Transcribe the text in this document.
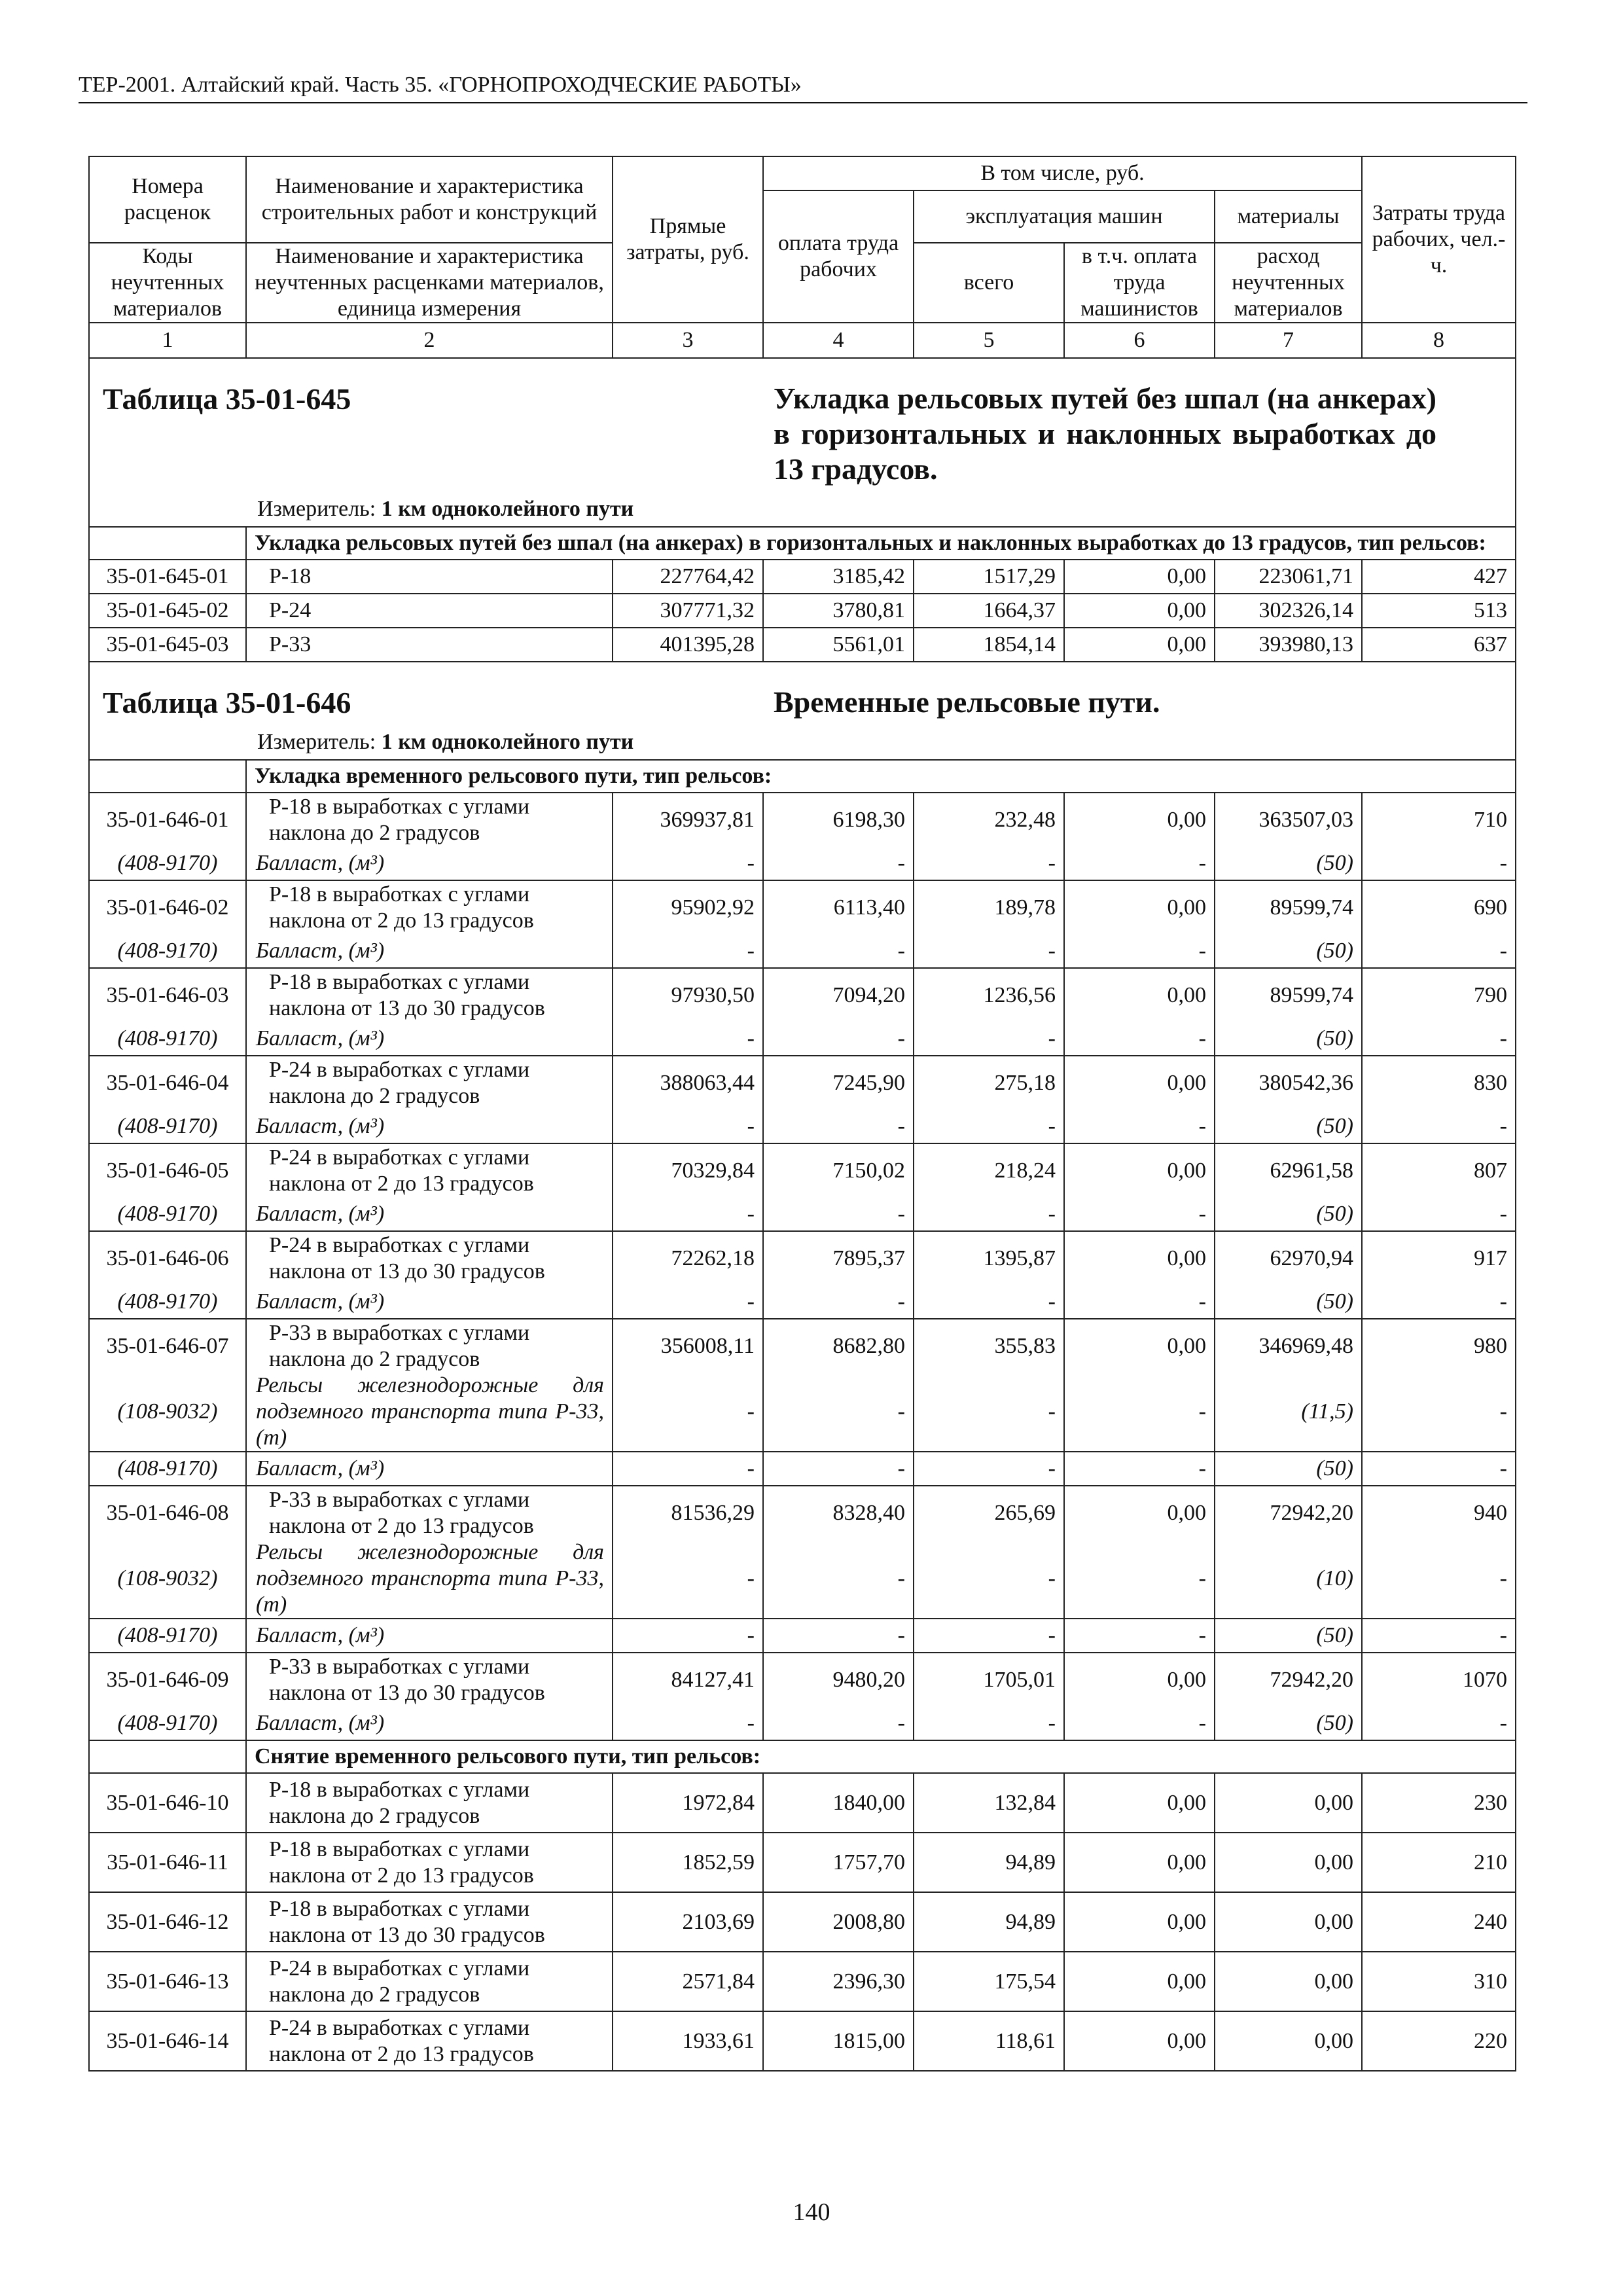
ТЕР-2001. Алтайский край. Часть 35. «ГОРНОПРОХОДЧЕСКИЕ РАБОТЫ»
Номера расценок	Наименование и характеристика строительных работ и конструкций	Прямые затраты, руб.	В том числе, руб.				Затраты труда рабочих, чел.-ч.
			оплата труда рабочих	эксплуатация машин		материалы	
Коды неучтенных материалов	Наименование и характеристика неучтенных расценками материалов, единица измерения			всего	в т.ч. оплата труда машинистов	расход неучтенных материалов	
1	2	3	4	5	6	7	8

Таблица 35-01-645
Измеритель: 1 км одноколейного пути			Укладка рельсовых путей без шпал (на анкерах) в горизонтальных и наклонных выработках до 13 градусов.				

	Укладка рельсовых путей без шпал (на анкерах) в горизонтальных и наклонных выработках до 13 градусов, тип рельсов:						
35-01-645-01	Р-18	227764,42	3185,42	1517,29	0,00	223061,71	427
35-01-645-02	Р-24	307771,32	3780,81	1664,37	0,00	302326,14	513
35-01-645-03	Р-33	401395,28	5561,01	1854,14	0,00	393980,13	637

Таблица 35-01-646
Измеритель: 1 км одноколейного пути			Временные рельсовые пути.				

	Укладка временного рельсового пути, тип рельсов:						
35-01-646-01	Р-18 в выработках с углами наклона до 2 градусов	369937,81	6198,30	232,48	0,00	363507,03	710
(408-9170)	Балласт, (м³)	-	-	-	-	(50)	-
35-01-646-02	Р-18 в выработках с углами наклона от 2 до 13 градусов	95902,92	6113,40	189,78	0,00	89599,74	690
(408-9170)	Балласт, (м³)	-	-	-	-	(50)	-
35-01-646-03	Р-18 в выработках с углами наклона от 13 до 30 градусов	97930,50	7094,20	1236,56	0,00	89599,74	790
(408-9170)	Балласт, (м³)	-	-	-	-	(50)	-
35-01-646-04	Р-24 в выработках с углами наклона до 2 градусов	388063,44	7245,90	275,18	0,00	380542,36	830
(408-9170)	Балласт, (м³)	-	-	-	-	(50)	-
35-01-646-05	Р-24 в выработках с углами наклона от 2 до 13 градусов	70329,84	7150,02	218,24	0,00	62961,58	807
(408-9170)	Балласт, (м³)	-	-	-	-	(50)	-
35-01-646-06	Р-24 в выработках с углами наклона от 13 до 30 градусов	72262,18	7895,37	1395,87	0,00	62970,94	917
(408-9170)	Балласт, (м³)	-	-	-	-	(50)	-
35-01-646-07	Р-33 в выработках с углами наклона до 2 градусов	356008,11	8682,80	355,83	0,00	346969,48	980
(108-9032)	Рельсы железнодорожные для подземного транспорта типа Р-33, (т)	-	-	-	-	(11,5)	-
(408-9170)	Балласт, (м³)	-	-	-	-	(50)	-
35-01-646-08	Р-33 в выработках с углами наклона от 2 до 13 градусов	81536,29	8328,40	265,69	0,00	72942,20	940
(108-9032)	Рельсы железнодорожные для подземного транспорта типа Р-33, (т)	-	-	-	-	(10)	-
(408-9170)	Балласт, (м³)	-	-	-	-	(50)	-
35-01-646-09	Р-33 в выработках с углами наклона от 13 до 30 градусов	84127,41	9480,20	1705,01	0,00	72942,20	1070
(408-9170)	Балласт, (м³)	-	-	-	-	(50)	-
	Снятие временного рельсового пути, тип рельсов:						
35-01-646-10	Р-18 в выработках с углами наклона до 2 градусов	1972,84	1840,00	132,84	0,00	0,00	230
35-01-646-11	Р-18 в выработках с углами наклона от 2 до 13 градусов	1852,59	1757,70	94,89	0,00	0,00	210
35-01-646-12	Р-18 в выработках с углами наклона от 13 до 30 градусов	2103,69	2008,80	94,89	0,00	0,00	240
35-01-646-13	Р-24 в выработках с углами наклона до 2 градусов	2571,84	2396,30	175,54	0,00	0,00	310
35-01-646-14	Р-24 в выработках с углами наклона от 2 до 13 градусов	1933,61	1815,00	118,61	0,00	0,00	220
140
